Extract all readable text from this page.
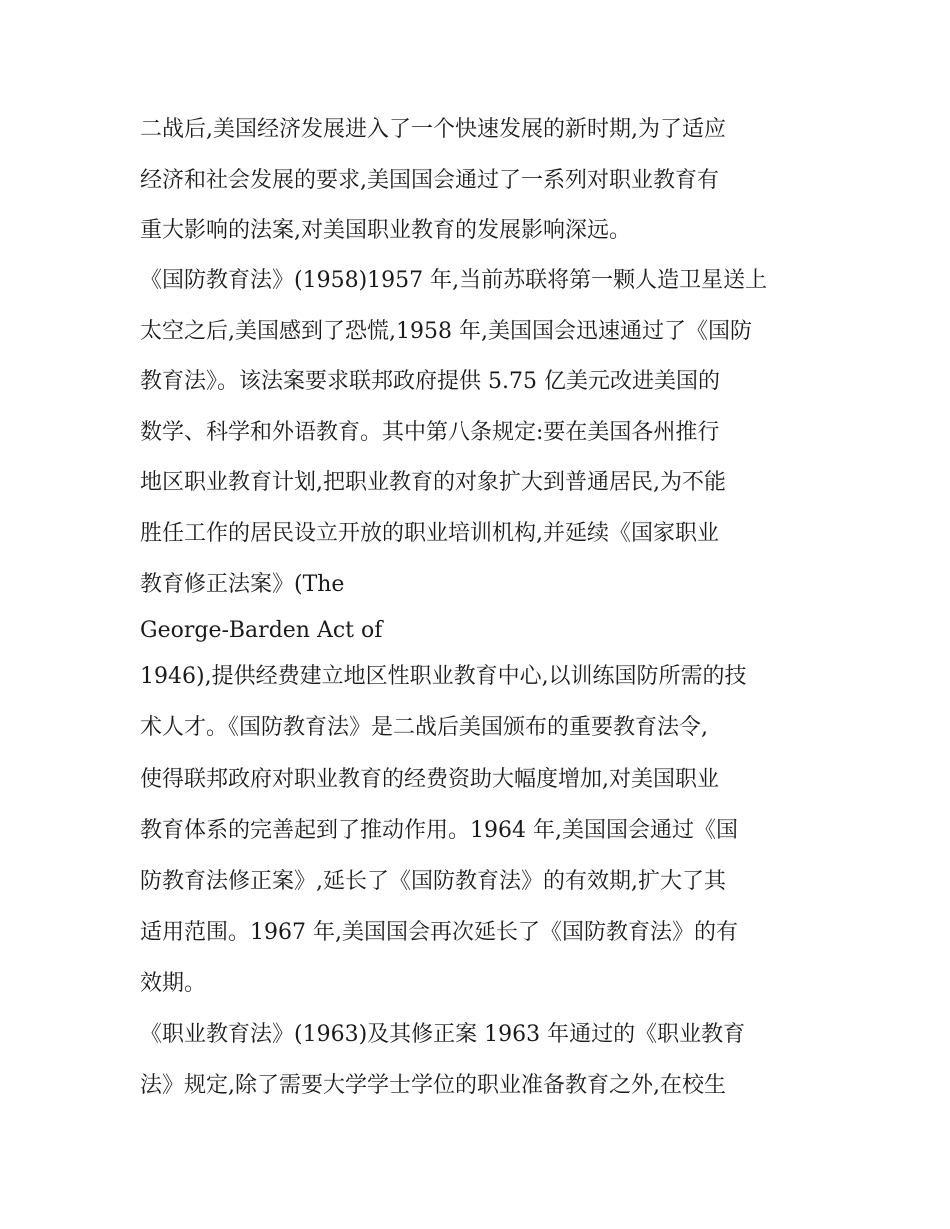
二战后,美国经济发展进入了一个快速发展的新时期,为了适应
经济和社会发展的要求,美国国会通过了一系列对职业教育有
重大影响的法案,对美国职业教育的发展影响深远。
《国防教育法》(1958)1957 年,当前苏联将第一颗人造卫星送上
太空之后,美国感到了恐慌,1958 年,美国国会迅速通过了《国防
教育法》。该法案要求联邦政府提供 5.75 亿美元改进美国的
数学、科学和外语教育。其中第八条规定:要在美国各州推行
地区职业教育计划,把职业教育的对象扩大到普通居民,为不能
胜任工作的居民设立开放的职业培训机构,并延续《国家职业
教育修正法案》(The
George-Barden Act of
1946),提供经费建立地区性职业教育中心,以训练国防所需的技
术人才。《国防教育法》是二战后美国颁布的重要教育法令,
使得联邦政府对职业教育的经费资助大幅度增加,对美国职业
教育体系的完善起到了推动作用。1964 年,美国国会通过《国
防教育法修正案》,延长了《国防教育法》的有效期,扩大了其
适用范围。1967 年,美国国会再次延长了《国防教育法》的有
效期。
《职业教育法》(1963)及其修正案 1963 年通过的《职业教育
法》规定,除了需要大学学士学位的职业准备教育之外,在校生
